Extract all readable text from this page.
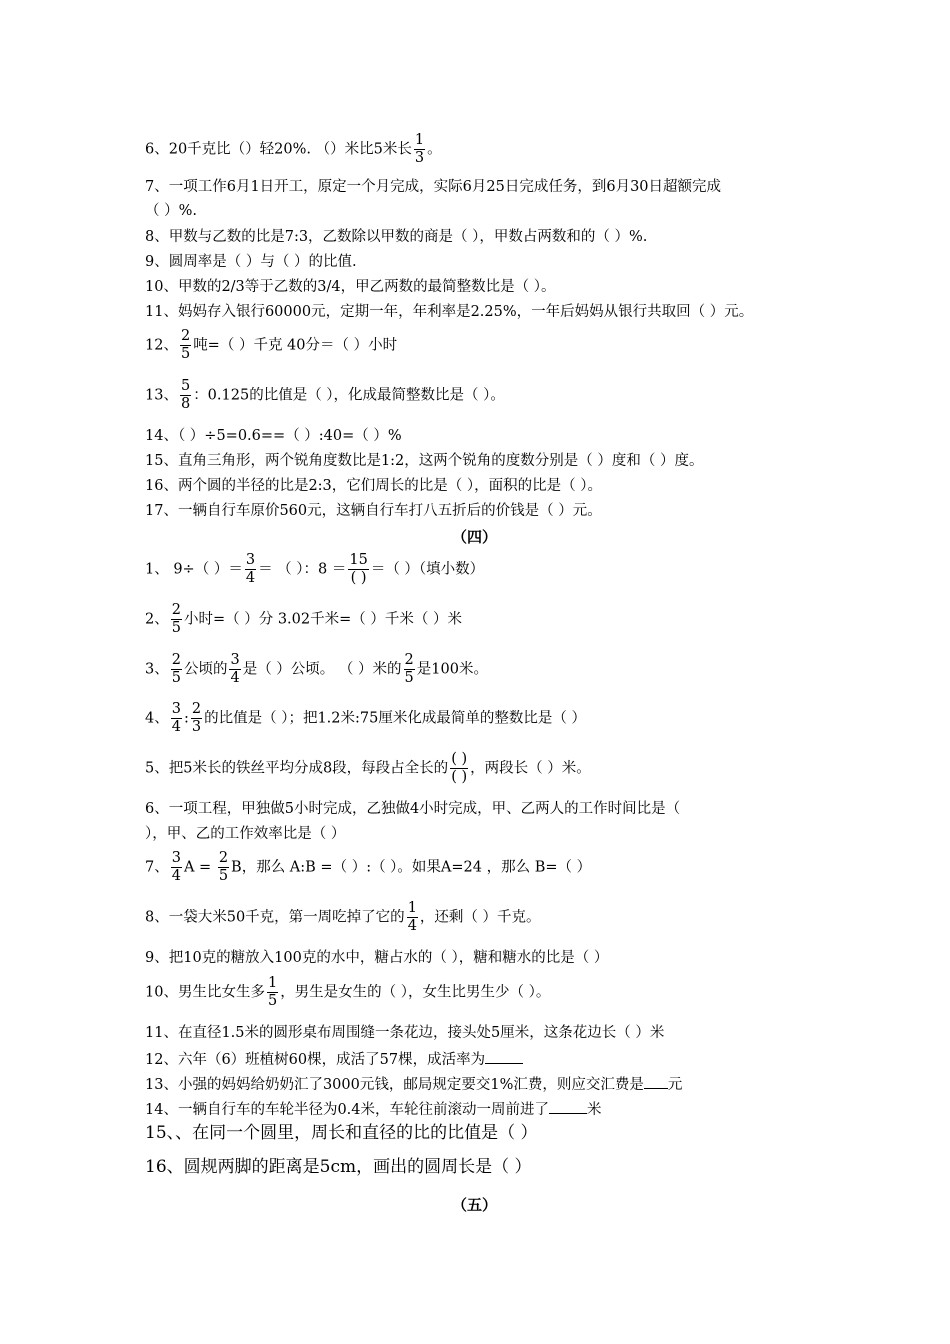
6、20千克比（）轻20%. （）米比5米长 $\frac{1}{3}$ 。
7、一项工作6月1日开工，原定一个月完成，实际6月25日完成任务，到6月30日超额完成
（ ）%.
8、甲数与乙数的比是7:3，乙数除以甲数的商是（ ），甲数占两数和的（ ）%.
9、圆周率是（ ）与（ ）的比值.
10、甲数的2/3等于乙数的3/4，甲乙两数的最简整数比是（ ）。
11、妈妈存入银行60000元，定期一年，年利率是2.25%，一年后妈妈从银行共取回（ ）元。
12、 $\frac{2}{5}$ 吨=（ ）千克 40分＝（ ）小时
13、 $\frac{5}{8}$ ：0.125的比值是（ ），化成最简整数比是（ ）。
14、（ ）÷5=0.6==（ ）:40=（ ）%
15、直角三角形，两个锐角度数比是1:2，这两个锐角的度数分别是（ ）度和（ ）度。
16、两个圆的半径的比是2:3，它们周长的比是（ ），面积的比是（ ）。
17、一辆自行车原价560元，这辆自行车打八五折后的价钱是（ ）元。
（四）
1、 9÷（ ）＝ $\frac{3}{4}$ ＝ （ ）：8 ＝
15
( )
＝（ ）（填小数）
2、 $\frac{2}{5}$ 小时=（ ）分 3.02千米=（ ）千米（ ）米
3、 $\frac{2}{5}$ 公顷的 $\frac{3}{4}$ 是（ ）公顷。 （ ）米的 $\frac{2}{5}$ 是100米。
4、 $\frac{3}{4}$ : $\frac{2}{3}$ 的比值是（ ）；把1.2米:75厘米化成最简单的整数比是（ ）
5、把5米长的铁丝平均分成8段，每段占全长的
( )
( )
，两段长（ ）米。
6、一项工程，甲独做5小时完成，乙独做4小时完成，甲、乙两人的工作时间比是（
），甲、乙的工作效率比是（ ）
7、 $\frac{3}{4}$ $A = \frac{2}{5}$ B，那么 A:B =（ ）:（ ）。如果A=24 ，那么 B=（ ）
8、一袋大米50千克，第一周吃掉了它的 $\frac{1}{4}$ ，还剩（ ）千克。
9、把10克的糖放入100克的水中，糖占水的（ ），糖和糖水的比是（ ）
10、男生比女生多 $\frac{1}{5}$ ，男生是女生的（ ），女生比男生少（ ）。
11、在直径1.5米的圆形桌布周围缝一条花边，接头处5厘米，这条花边长（ ）米
12、六年（6）班植树60棵，成活了57棵，成活率为
13、小强的妈妈给奶奶汇了3000元钱，邮局规定要交1%汇费，则应交汇费是 元
14、一辆自行车的车轮半径为0.4米，车轮往前滚动一周前进了	米
15、、在同一个圆里，周长和直径的比的比值是（ ）
16、圆规两脚的距离是5cm，画出的圆周长是（ ）
（五）
